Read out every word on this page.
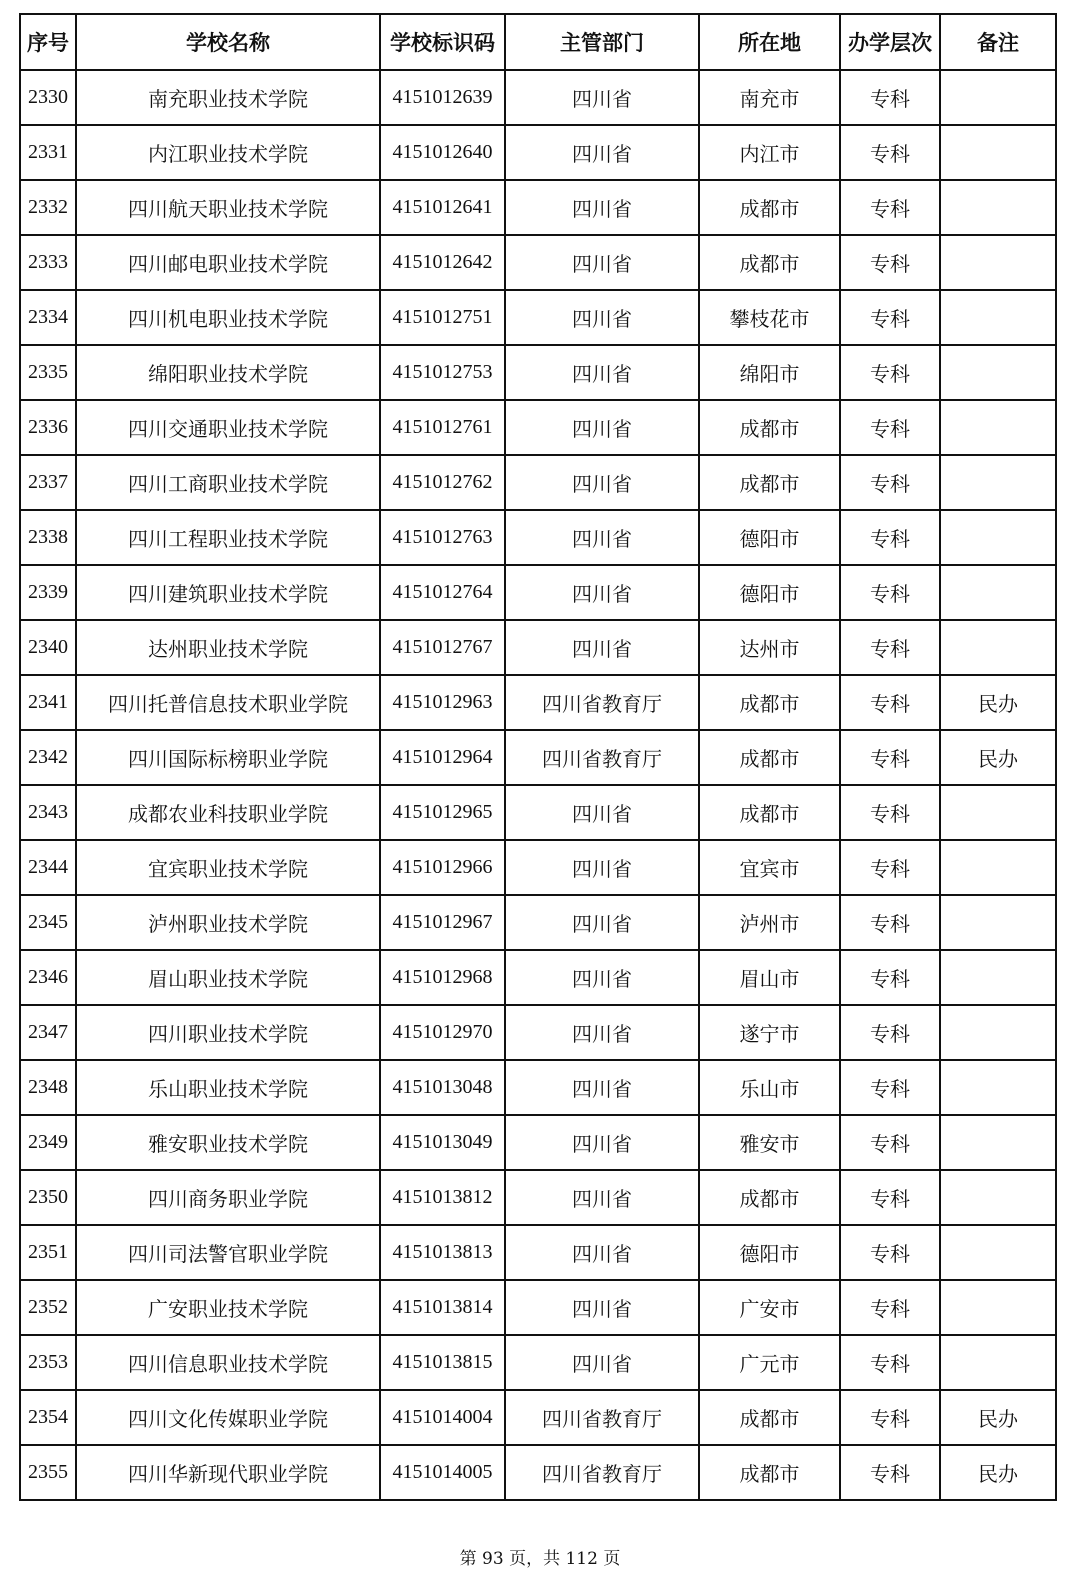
序号	学校名称	学校标识码	主管部门	所在地	办学层次	备注
2330	南充职业技术学院	4151012639	四川省	南充市	专科	
2331	内江职业技术学院	4151012640	四川省	内江市	专科	
2332	四川航天职业技术学院	4151012641	四川省	成都市	专科	
2333	四川邮电职业技术学院	4151012642	四川省	成都市	专科	
2334	四川机电职业技术学院	4151012751	四川省	攀枝花市	专科	
2335	绵阳职业技术学院	4151012753	四川省	绵阳市	专科	
2336	四川交通职业技术学院	4151012761	四川省	成都市	专科	
2337	四川工商职业技术学院	4151012762	四川省	成都市	专科	
2338	四川工程职业技术学院	4151012763	四川省	德阳市	专科	
2339	四川建筑职业技术学院	4151012764	四川省	德阳市	专科	
2340	达州职业技术学院	4151012767	四川省	达州市	专科	
2341	四川托普信息技术职业学院	4151012963	四川省教育厅	成都市	专科	民办
2342	四川国际标榜职业学院	4151012964	四川省教育厅	成都市	专科	民办
2343	成都农业科技职业学院	4151012965	四川省	成都市	专科	
2344	宜宾职业技术学院	4151012966	四川省	宜宾市	专科	
2345	泸州职业技术学院	4151012967	四川省	泸州市	专科	
2346	眉山职业技术学院	4151012968	四川省	眉山市	专科	
2347	四川职业技术学院	4151012970	四川省	遂宁市	专科	
2348	乐山职业技术学院	4151013048	四川省	乐山市	专科	
2349	雅安职业技术学院	4151013049	四川省	雅安市	专科	
2350	四川商务职业学院	4151013812	四川省	成都市	专科	
2351	四川司法警官职业学院	4151013813	四川省	德阳市	专科	
2352	广安职业技术学院	4151013814	四川省	广安市	专科	
2353	四川信息职业技术学院	4151013815	四川省	广元市	专科	
2354	四川文化传媒职业学院	4151014004	四川省教育厅	成都市	专科	民办
2355	四川华新现代职业学院	4151014005	四川省教育厅	成都市	专科	民办
第 93 页，共 112 页
